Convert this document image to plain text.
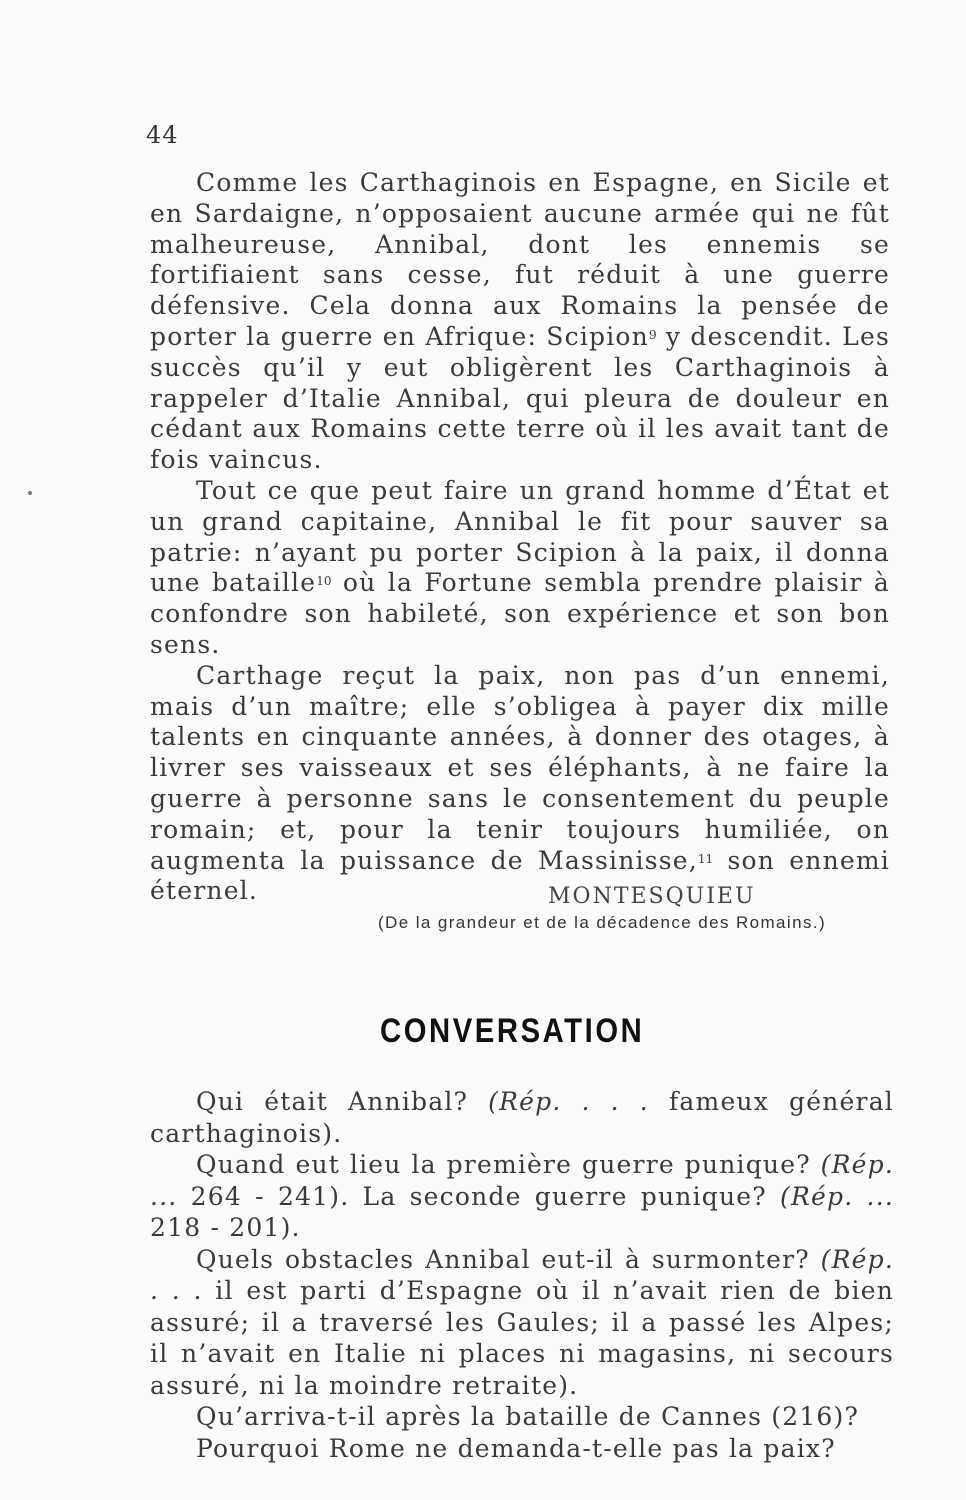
44

Comme les Carthaginois en Espagne, en Sicile et en Sardaigne, n’opposaient aucune armée qui ne fût malheureuse, Annibal, dont les ennemis se fortifiaient sans cesse, fut réduit à une guerre défensive. Cela donna aux Romains la pensée de porter la guerre en Afrique: Scipion$^9$ y descendit. Les succès qu’il y eut obligèrent les Carthaginois à rappeler d’Italie Annibal, qui pleura de douleur en cédant aux Romains cette terre où il les avait tant de fois vaincus.

Tout ce que peut faire un grand homme d’État et un grand capitaine, Annibal le fit pour sauver sa patrie: n’ayant pu porter Scipion à la paix, il donna une bataille$^{10}$ où la Fortune sembla prendre plaisir à confondre son habileté, son expérience et son bon sens.

Carthage reçut la paix, non pas d’un ennemi, mais d’un maître; elle s’obligea à payer dix mille talents en cinquante années, à donner des otages, à livrer ses vaisseaux et ses éléphants, à ne faire la guerre à personne sans le consentement du peuple romain; et, pour la tenir toujours humiliée, on augmenta la puissance de Massinisse,$^{11}$ son ennemi éternel.	MONTESQUIEU
(De la grandeur et de la décadence des Romains.)
CONVERSATION

Qui était Annibal? (Rép. . . . fameux général carthaginois).

Quand eut lieu la première guerre punique? (Rép. ... 264 - 241). La seconde guerre punique? (Rép. ... 218 - 201).

Quels obstacles Annibal eut-il à surmonter? (Rép. . . . il est parti d’Espagne où il n’avait rien de bien assuré; il a traversé les Gaules; il a passé les Alpes; il n’avait en Italie ni places ni magasins, ni secours assuré, ni la moindre retraite).

Qu’arriva-t-il après la bataille de Cannes (216)?

Pourquoi Rome ne demanda-t-elle pas la paix?
